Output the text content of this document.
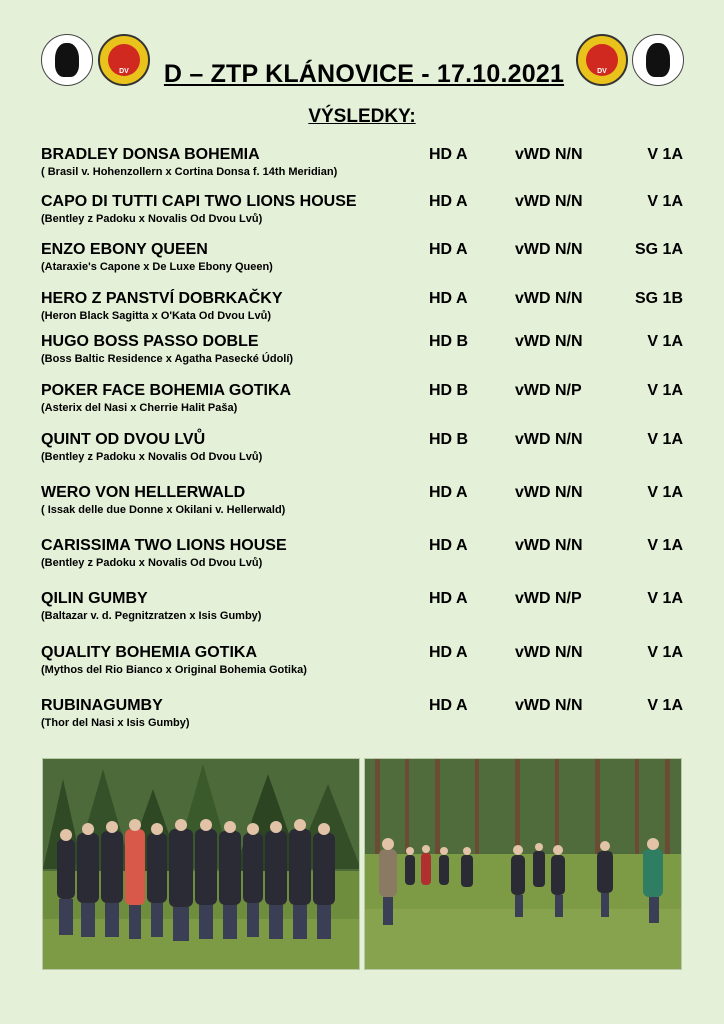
DV
DV
D – ZTP KLÁNOVICE - 17.10.2021
VÝSLEDKY:
BRADLEY DONSA BOHEMIA
( Brasil v. Hohenzollern x Cortina Donsa f. 14th Meridian)
HD A	vWD N/N	V 1A
CAPO DI TUTTI CAPI TWO LIONS HOUSE
(Bentley z Padoku x Novalis Od Dvou Lvů)
HD A	vWD N/N	V 1A
ENZO EBONY QUEEN
(Ataraxie's Capone x De Luxe Ebony Queen)
HD A	vWD N/N	SG 1A
HERO Z PANSTVÍ DOBRKAČKY
(Heron Black Sagitta x O'Kata Od Dvou Lvů)
HD A	vWD N/N	SG 1B
HUGO BOSS PASSO DOBLE
(Boss Baltic Residence x Agatha Pasecké Údolí)
HD B	vWD N/N	V 1A
POKER FACE BOHEMIA GOTIKA
(Asterix del Nasi x Cherrie Halit Paša)
HD B	vWD N/P	V 1A
QUINT OD DVOU LVŮ
(Bentley z Padoku x Novalis Od Dvou Lvů)
HD B	vWD N/N	V 1A
WERO VON HELLERWALD
( Issak delle due Donne x Okilani v. Hellerwald)
HD A	vWD N/N	V 1A
CARISSIMA TWO LIONS HOUSE
(Bentley z Padoku x Novalis Od Dvou Lvů)
HD A	vWD N/N	V 1A
QILIN GUMBY
(Baltazar v. d. Pegnitzratzen x Isis Gumby)
HD A	vWD N/P	V 1A
QUALITY BOHEMIA GOTIKA
(Mythos del Rio Bianco x Original Bohemia Gotika)
HD A	vWD N/N	V 1A
RUBINAGUMBY
(Thor del Nasi x Isis Gumby)
HD A	vWD N/N	V 1A
